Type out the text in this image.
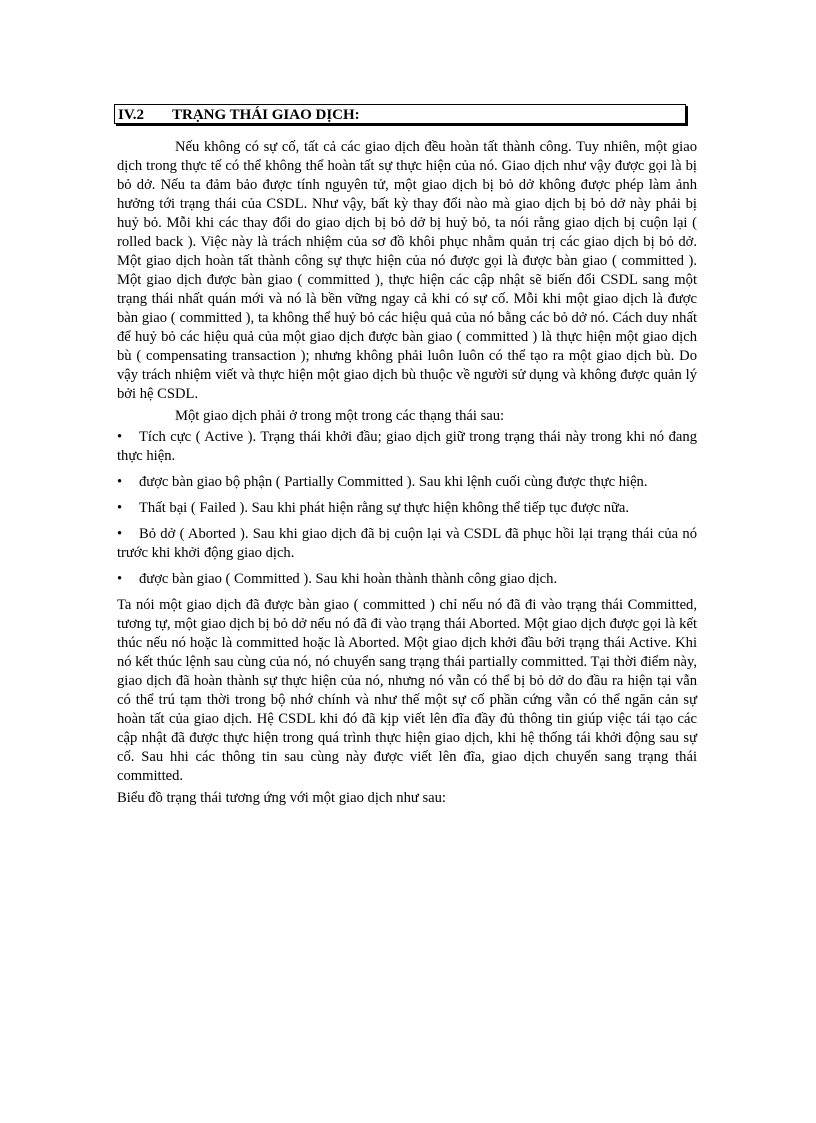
IV.2 TRẠNG THÁI GIAO DỊCH:

Nếu không có sự cố, tất cả các giao dịch đều hoàn tất thành công. Tuy nhiên, một giao dịch trong thực tế có thể không thể hoàn tất sự thực hiện của nó. Giao dịch như vậy được gọi là bị bỏ dở. Nếu ta đảm bảo được tính nguyên tử, một giao dịch bị bỏ dở không được phép làm ảnh hưởng tới trạng thái của CSDL. Như vậy, bất kỳ thay đổi nào mà giao dịch bị bỏ dở này phải bị huỷ bỏ. Mỗi khi các thay đổi do giao dịch bị bỏ dở bị huỷ bỏ, ta nói rằng giao dịch bị cuộn lại ( rolled back ). Việc này là trách nhiệm của sơ đồ khôi phục nhằm quản trị các giao dịch bị bỏ dở. Một giao dịch hoàn tất thành công sự thực hiện của nó được gọi là được bàn giao ( committed ). Một giao dịch được bàn giao ( committed ), thực hiện các cập nhật sẽ biến đổi CSDL sang một trạng thái nhất quán mới và nó là bền vững ngay cả khi có sự cố. Mỗi khi một giao dịch là được bàn giao ( committed ), ta không thể huỷ bỏ các hiệu quả của nó bằng các bỏ dở nó. Cách duy nhất để huỷ bỏ các hiệu quả của một giao dịch được bàn giao ( committed ) là thực hiện một giao dịch bù ( compensating transaction ); nhưng không phải luôn luôn có thể tạo ra một giao dịch bù. Do vậy trách nhiệm viết và thực hiện một giao dịch bù thuộc về người sử dụng và không được quản lý bởi hệ CSDL.

Một giao dịch phải ở trong một trong các thạng thái sau:

• Tích cực ( Active ). Trạng thái khởi đầu; giao dịch giữ trong trạng thái này trong khi nó đang thực hiện.
• được bàn giao bộ phận ( Partially Committed ). Sau khi lệnh cuối cùng được thực hiện.
• Thất bại ( Failed ). Sau khi phát hiện rằng sự thực hiện không thể tiếp tục được nữa.
• Bỏ dở ( Aborted ). Sau khi giao dịch đã bị cuộn lại và CSDL đã phục hồi lại trạng thái của nó trước khi khởi động giao dịch.
• được bàn giao ( Committed ). Sau khi hoàn thành thành công giao dịch.

Ta nói một giao dịch đã được bàn giao ( committed ) chỉ nếu nó đã đi vào trạng thái Committed, tương tự, một giao dịch bị bỏ dở nếu nó đã đi vào trạng thái Aborted. Một giao dịch được gọi là kết thúc nếu nó hoặc là committed hoặc là Aborted. Một giao dịch khởi đầu bởi trạng thái Active. Khi nó kết thúc lệnh sau cùng của nó, nó chuyển sang trạng thái partially committed. Tại thời điểm này, giao dịch đã hoàn thành sự thực hiện của nó, nhưng nó vẫn có thể bị bỏ dở do đầu ra hiện tại vẫn có thể trú tạm thời trong bộ nhớ chính và như thế một sự cố phần cứng vẫn có thể ngăn cản sự hoàn tất của giao dịch. Hệ CSDL khi đó đã kịp viết lên đĩa đầy đủ thông tin giúp việc tái tạo các cập nhật đã được thực hiện trong quá trình thực hiện giao dịch, khi hệ thống tái khởi động sau sự cố. Sau hhi các thông tin sau cùng này được viết lên đĩa, giao dịch chuyển sang trạng thái committed.

Biểu đồ trạng thái tương ứng với một giao dịch như sau:
